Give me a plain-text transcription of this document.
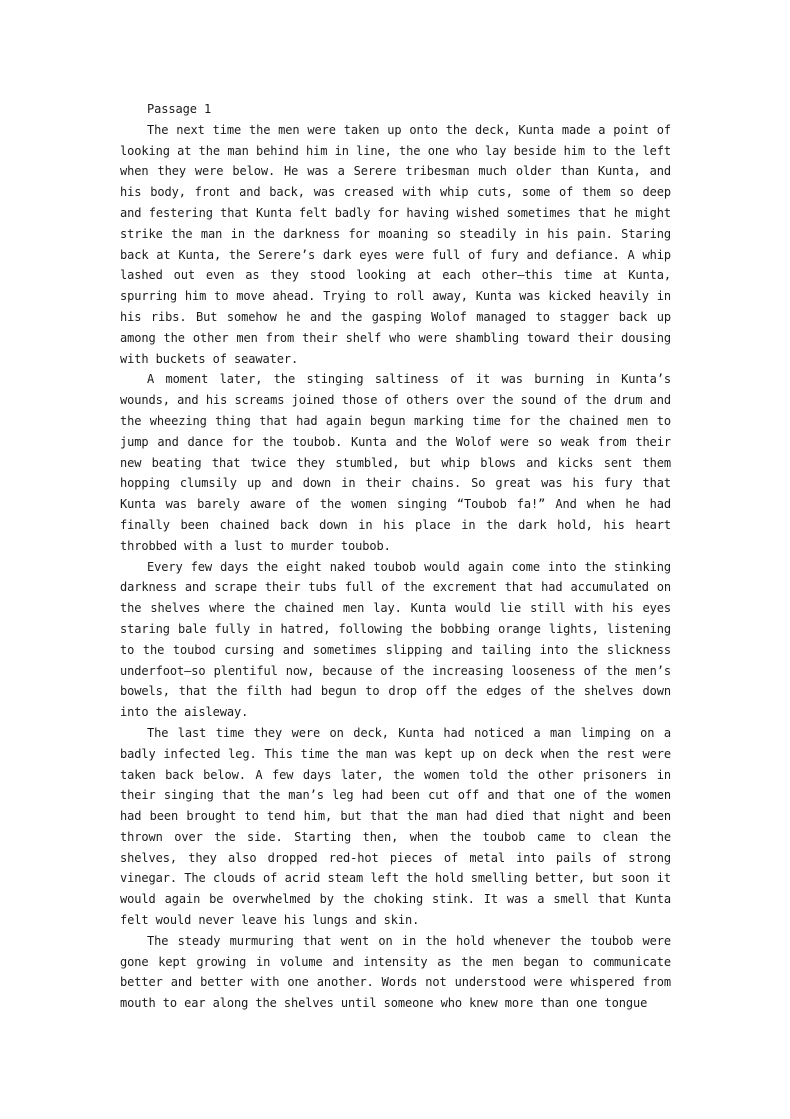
Passage 1

The next time the men were taken up onto the deck, Kunta made a point of looking at the man behind him in line, the one who lay beside him to the left when they were below. He was a Serere tribesman much older than Kunta, and his body, front and back, was creased with whip cuts, some of them so deep and festering that Kunta felt badly for having wished sometimes that he might strike the man in the darkness for moaning so steadily in his pain. Staring back at Kunta, the Serere’s dark eyes were full of fury and defiance. A whip lashed out even as they stood looking at each other—this time at Kunta, spurring him to move ahead. Trying to roll away, Kunta was kicked heavily in his ribs. But somehow he and the gasping Wolof managed to stagger back up among the other men from their shelf who were shambling toward their dousing with buckets of seawater.

A moment later, the stinging saltiness of it was burning in Kunta’s wounds, and his screams joined those of others over the sound of the drum and the wheezing thing that had again begun marking time for the chained men to jump and dance for the toubob. Kunta and the Wolof were so weak from their new beating that twice they stumbled, but whip blows and kicks sent them hopping clumsily up and down in their chains. So great was his fury that Kunta was barely aware of the women singing “Toubob fa!” And when he had finally been chained back down in his place in the dark hold, his heart throbbed with a lust to murder toubob.

Every few days the eight naked toubob would again come into the stinking darkness and scrape their tubs full of the excrement that had accumulated on the shelves where the chained men lay. Kunta would lie still with his eyes staring bale fully in hatred, following the bobbing orange lights, listening to the toubod cursing and sometimes slipping and tailing into the slickness underfoot—so plentiful now, because of the increasing looseness of the men’s bowels, that the filth had begun to drop off the edges of the shelves down into the aisleway.

The last time they were on deck, Kunta had noticed a man limping on a badly infected leg. This time the man was kept up on deck when the rest were taken back below. A few days later, the women told the other prisoners in their singing that the man’s leg had been cut off and that one of the women had been brought to tend him, but that the man had died that night and been thrown over the side. Starting then, when the toubob came to clean the shelves, they also dropped red-hot pieces of metal into pails of strong vinegar. The clouds of acrid steam left the hold smelling better, but soon it would again be overwhelmed by the choking stink. It was a smell that Kunta felt would never leave his lungs and skin.

The steady murmuring that went on in the hold whenever the toubob were gone kept growing in volume and intensity as the men began to communicate better and better with one another. Words not understood were whispered from mouth to ear along the shelves until someone who knew more than one tongue
